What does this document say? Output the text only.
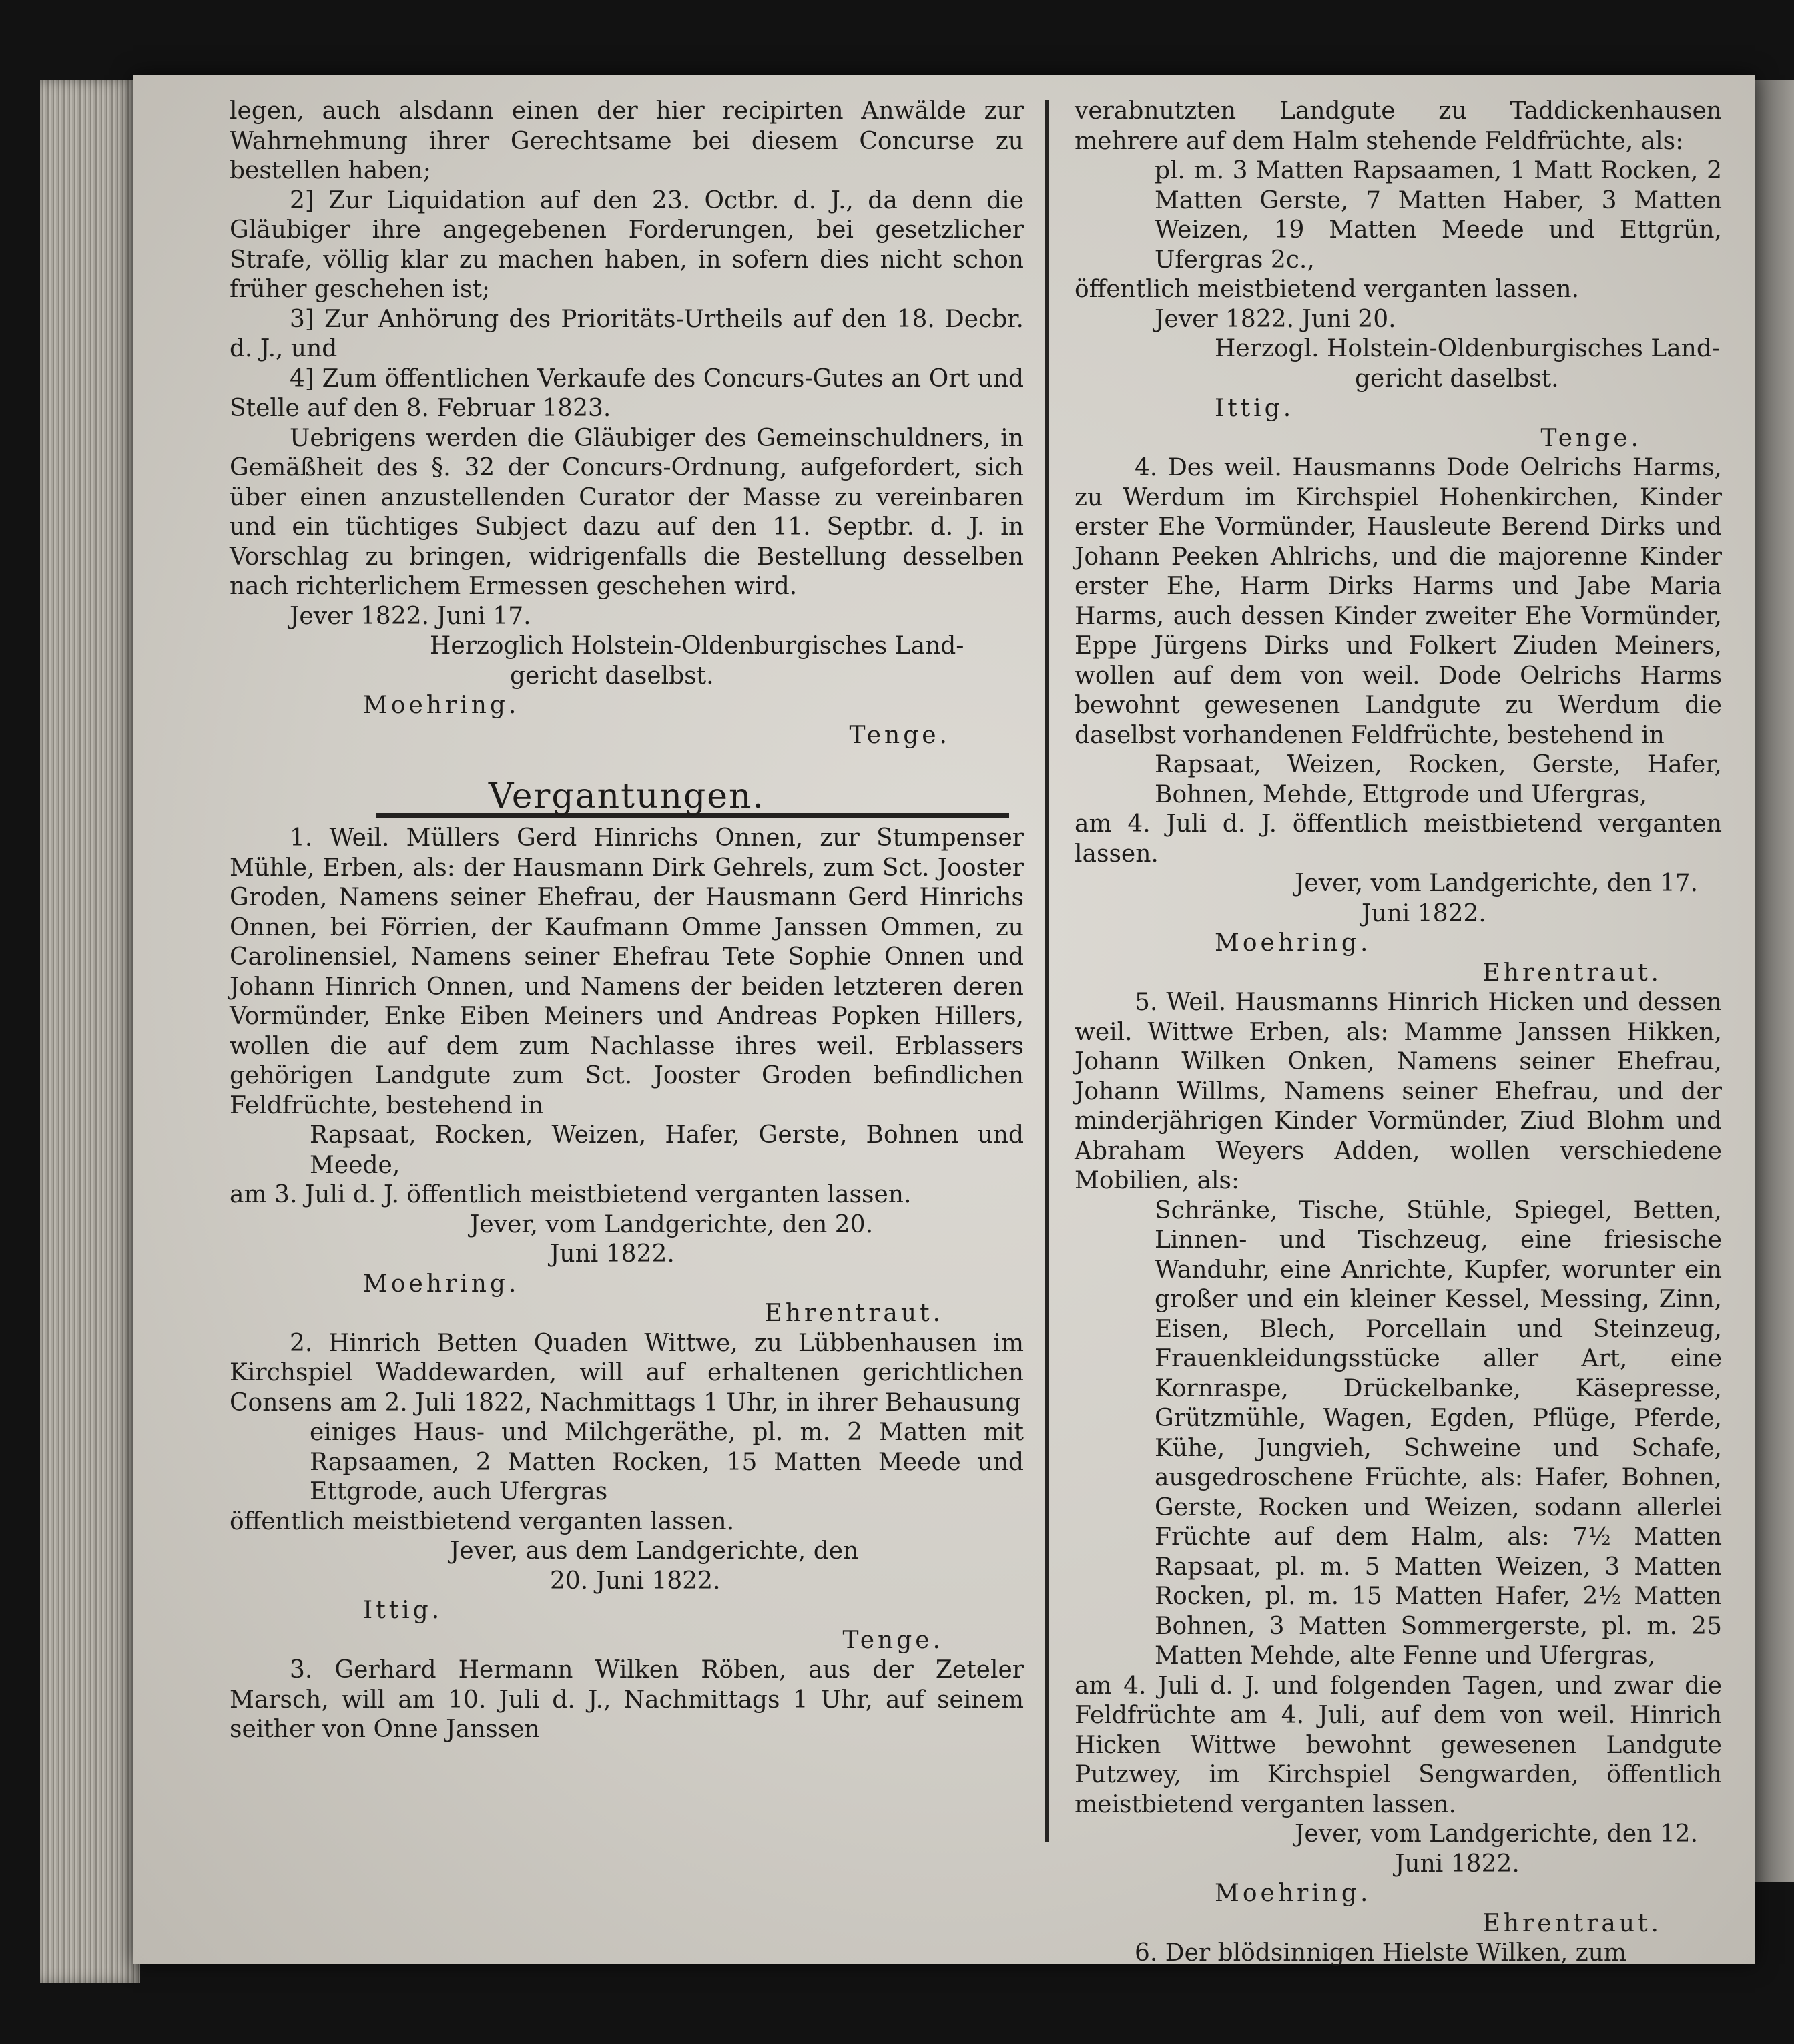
legen, auch alsdann einen der hier recipirten Anwälde zur Wahrnehmung ihrer Gerechtsame bei diesem Concurse zu bestellen haben;

2] Zur Liquidation auf den 23. Octbr. d. J., da denn die Gläubiger ihre angegebenen Forderungen, bei gesetzlicher Strafe, völlig klar zu machen haben, in sofern dies nicht schon früher geschehen ist;

3] Zur Anhörung des Prioritäts-Urtheils auf den 18. Decbr. d. J., und

4] Zum öffentlichen Verkaufe des Concurs-Gutes an Ort und Stelle auf den 8. Februar 1823.

Uebrigens werden die Gläubiger des Gemeinschuldners, in Gemäßheit des §. 32 der Concurs-Ordnung, aufgefordert, sich über einen anzustellenden Curator der Masse zu vereinbaren und ein tüchtiges Subject dazu auf den 11. Septbr. d. J. in Vorschlag zu bringen, widrigenfalls die Bestellung desselben nach richterlichem Ermessen geschehen wird.

Jever 1822. Juni 17.

Herzoglich Holstein-Oldenburgisches Land-

gericht daselbst.

Moehring.

Tenge.

Vergantungen.

1. Weil. Müllers Gerd Hinrichs Onnen, zur Stumpenser Mühle, Erben, als: der Hausmann Dirk Gehrels, zum Sct. Jooster Groden, Namens seiner Ehefrau, der Hausmann Gerd Hinrichs Onnen, bei Förrien, der Kaufmann Omme Janssen Ommen, zu Carolinensiel, Namens seiner Ehefrau Tete Sophie Onnen und Johann Hinrich Onnen, und Namens der beiden letzteren deren Vormünder, Enke Eiben Meiners und Andreas Popken Hillers, wollen die auf dem zum Nachlasse ihres weil. Erblassers gehörigen Landgute zum Sct. Jooster Groden befindlichen Feldfrüchte, bestehend in

Rapsaat, Rocken, Weizen, Hafer, Gerste, Bohnen und Meede,

am 3. Juli d. J. öffentlich meistbietend verganten lassen.

Jever, vom Landgerichte, den 20.

Juni 1822.

Moehring.

Ehrentraut.

2. Hinrich Betten Quaden Wittwe, zu Lübbenhausen im Kirchspiel Waddewarden, will auf erhaltenen gerichtlichen Consens am 2. Juli 1822, Nachmittags 1 Uhr, in ihrer Behausung

einiges Haus- und Milchgeräthe, pl. m. 2 Matten mit Rapsaamen, 2 Matten Rocken, 15 Matten Meede und Ettgrode, auch Ufergras

öffentlich meistbietend verganten lassen.

Jever, aus dem Landgerichte, den

20. Juni 1822.

Ittig.

Tenge.

3. Gerhard Hermann Wilken Röben, aus der Zeteler Marsch, will am 10. Juli d. J., Nachmittags 1 Uhr, auf seinem seither von Onne Janssen

verabnutzten Landgute zu Taddickenhausen mehrere auf dem Halm stehende Feldfrüchte, als:

pl. m. 3 Matten Rapsaamen, 1 Matt Rocken, 2 Matten Gerste, 7 Matten Haber, 3 Matten Weizen, 19 Matten Meede und Ettgrün, Ufergras 2c.,

öffentlich meistbietend verganten lassen.

Jever 1822. Juni 20.

Herzogl. Holstein-Oldenburgisches Land-

gericht daselbst.

Ittig.

Tenge.

4. Des weil. Hausmanns Dode Oelrichs Harms, zu Werdum im Kirchspiel Hohenkirchen, Kinder erster Ehe Vormünder, Hausleute Berend Dirks und Johann Peeken Ahlrichs, und die majorenne Kinder erster Ehe, Harm Dirks Harms und Jabe Maria Harms, auch dessen Kinder zweiter Ehe Vormünder, Eppe Jürgens Dirks und Folkert Ziuden Meiners, wollen auf dem von weil. Dode Oelrichs Harms bewohnt gewesenen Landgute zu Werdum die daselbst vorhandenen Feldfrüchte, bestehend in

Rapsaat, Weizen, Rocken, Gerste, Hafer, Bohnen, Mehde, Ettgrode und Ufergras,

am 4. Juli d. J. öffentlich meistbietend verganten lassen.

Jever, vom Landgerichte, den 17.

Juni 1822.

Moehring.

Ehrentraut.

5. Weil. Hausmanns Hinrich Hicken und dessen weil. Wittwe Erben, als: Mamme Janssen Hikken, Johann Wilken Onken, Namens seiner Ehefrau, Johann Willms, Namens seiner Ehefrau, und der minderjährigen Kinder Vormünder, Ziud Blohm und Abraham Weyers Adden, wollen verschiedene Mobilien, als:

Schränke, Tische, Stühle, Spiegel, Betten, Linnen- und Tischzeug, eine friesische Wanduhr, eine Anrichte, Kupfer, worunter ein großer und ein kleiner Kessel, Messing, Zinn, Eisen, Blech, Porcellain und Steinzeug, Frauenkleidungsstücke aller Art, eine Kornraspe, Drückelbanke, Käsepresse, Grützmühle, Wagen, Egden, Pflüge, Pferde, Kühe, Jungvieh, Schweine und Schafe, ausgedroschene Früchte, als: Hafer, Bohnen, Gerste, Rocken und Weizen, sodann allerlei Früchte auf dem Halm, als: 7½ Matten Rapsaat, pl. m. 5 Matten Weizen, 3 Matten Rocken, pl. m. 15 Matten Hafer, 2½ Matten Bohnen, 3 Matten Sommergerste, pl. m. 25 Matten Mehde, alte Fenne und Ufergras,

am 4. Juli d. J. und folgenden Tagen, und zwar die Feldfrüchte am 4. Juli, auf dem von weil. Hinrich Hicken Wittwe bewohnt gewesenen Landgute Putzwey, im Kirchspiel Sengwarden, öffentlich meistbietend verganten lassen.

Jever, vom Landgerichte, den 12.

Juni 1822.

Moehring.

Ehrentraut.

6. Der blödsinnigen Hielste Wilken, zum
